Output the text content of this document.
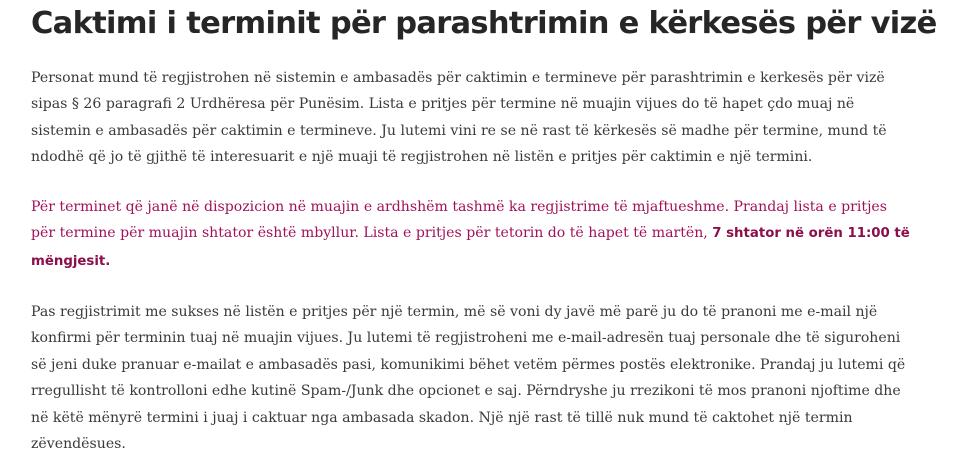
Caktimi i terminit për parashtrimin e kërkesës për vizë

Personat mund të regjistrohen në sistemin e ambasadës për caktimin e termineve për parashtrimin e kerkesës për vizë sipas § 26 paragrafi 2 Urdhëresa për Punësim. Lista e pritjes për termine në muajin vijues do të hapet çdo muaj në sistemin e ambasadës për caktimin e termineve. Ju lutemi vini re se në rast të kërkesës së madhe për termine, mund të ndodhë që jo të gjithë të interesuarit e një muaji të regjistrohen në listën e pritjes për caktimin e një termini.

Për terminet që janë në dispozicion në muajin e ardhshëm tashmë ka regjistrime të mjaftueshme. Prandaj lista e pritjes për termine për muajin shtator është mbyllur. Lista e pritjes për tetorin do të hapet të martën, 7 shtator në orën 11:00 të mëngjesit.

Pas regjistrimit me sukses në listën e pritjes për një termin, më së voni dy javë më parë ju do të pranoni me e-mail një konfirmi për terminin tuaj në muajin vijues. Ju lutemi të regjistroheni me e-mail-adresën tuaj personale dhe të siguroheni së jeni duke pranuar e-mailat e ambasadës pasi, komunikimi bëhet vetëm përmes postës elektronike. Prandaj ju lutemi që rregullisht të kontrolloni edhe kutinë Spam-/Junk dhe opcionet e saj. Përndryshe ju rrezikoni të mos pranoni njoftime dhe në këtë mënyrë termini i juaj i caktuar nga ambasada skadon. Një një rast të tillë nuk mund të caktohet një termin zëvendësues.
